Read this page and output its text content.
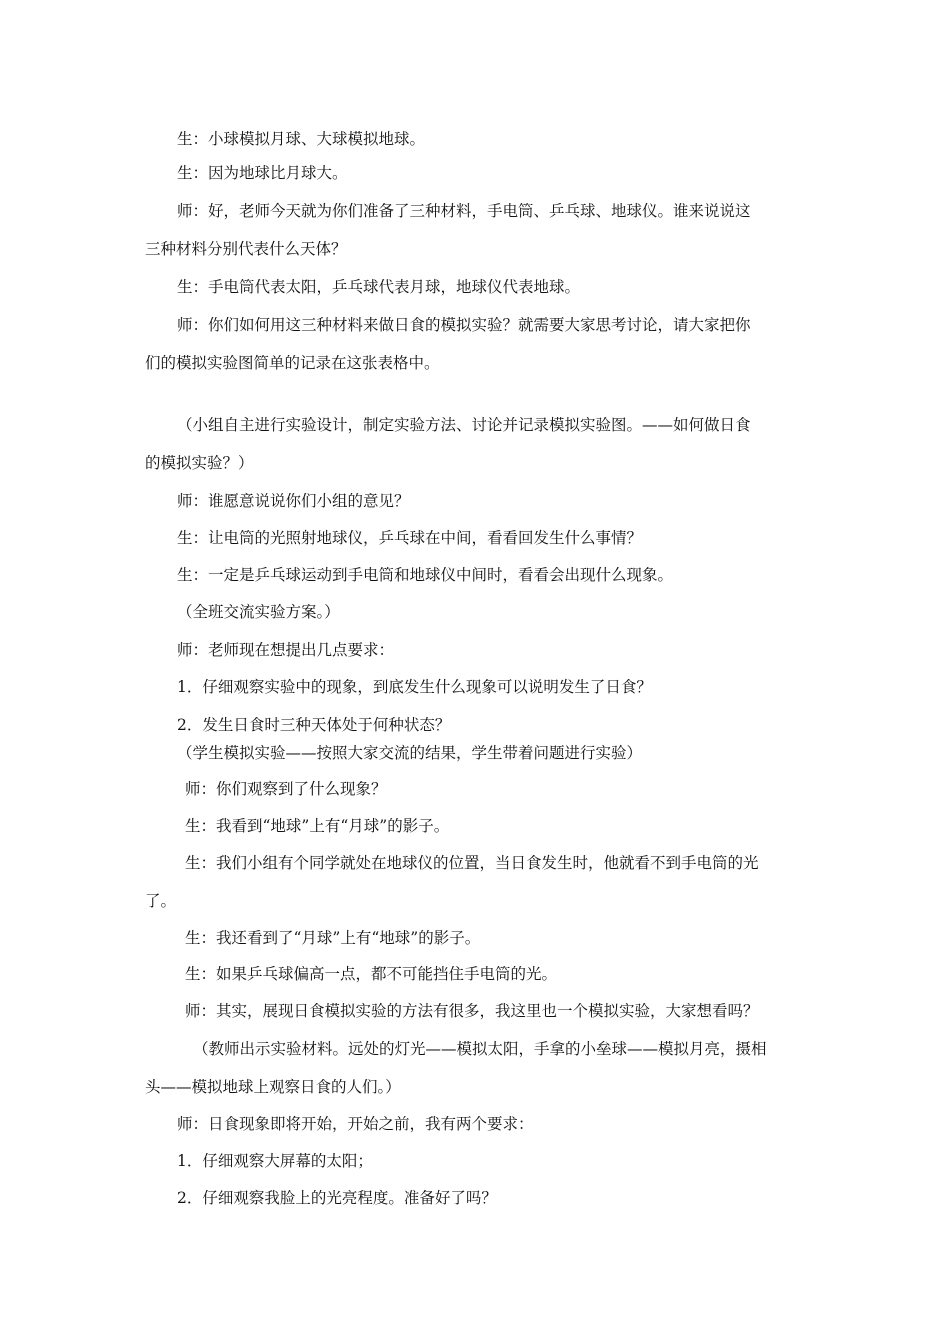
生：小球模拟月球、大球模拟地球。
生：因为地球比月球大。
师：好，老师今天就为你们准备了三种材料，手电筒、乒乓球、地球仪。谁来说说这
三种材料分别代表什么天体？
生：手电筒代表太阳，乒乓球代表月球，地球仪代表地球。
师：你们如何用这三种材料来做日食的模拟实验？就需要大家思考讨论，请大家把你
们的模拟实验图简单的记录在这张表格中。
（小组自主进行实验设计，制定实验方法、讨论并记录模拟实验图。——如何做日食
的模拟实验？）
师：谁愿意说说你们小组的意见？
生：让电筒的光照射地球仪，乒乓球在中间，看看回发生什么事情？
生：一定是乒乓球运动到手电筒和地球仪中间时，看看会出现什么现象。
（全班交流实验方案。）
师：老师现在想提出几点要求：
1．仔细观察实验中的现象，到底发生什么现象可以说明发生了日食？
2．发生日食时三种天体处于何种状态？
（学生模拟实验——按照大家交流的结果，学生带着问题进行实验）
师：你们观察到了什么现象？
生：我看到“地球”上有“月球”的影子。
生：我们小组有个同学就处在地球仪的位置，当日食发生时，他就看不到手电筒的光
了。
生：我还看到了“月球”上有“地球”的影子。
生：如果乒乓球偏高一点，都不可能挡住手电筒的光。
师：其实，展现日食模拟实验的方法有很多，我这里也一个模拟实验，大家想看吗？
（教师出示实验材料。远处的灯光——模拟太阳，手拿的小垒球——模拟月亮，摄相
头——模拟地球上观察日食的人们。）
师：日食现象即将开始，开始之前，我有两个要求：
1．仔细观察大屏幕的太阳；
2．仔细观察我脸上的光亮程度。准备好了吗？
